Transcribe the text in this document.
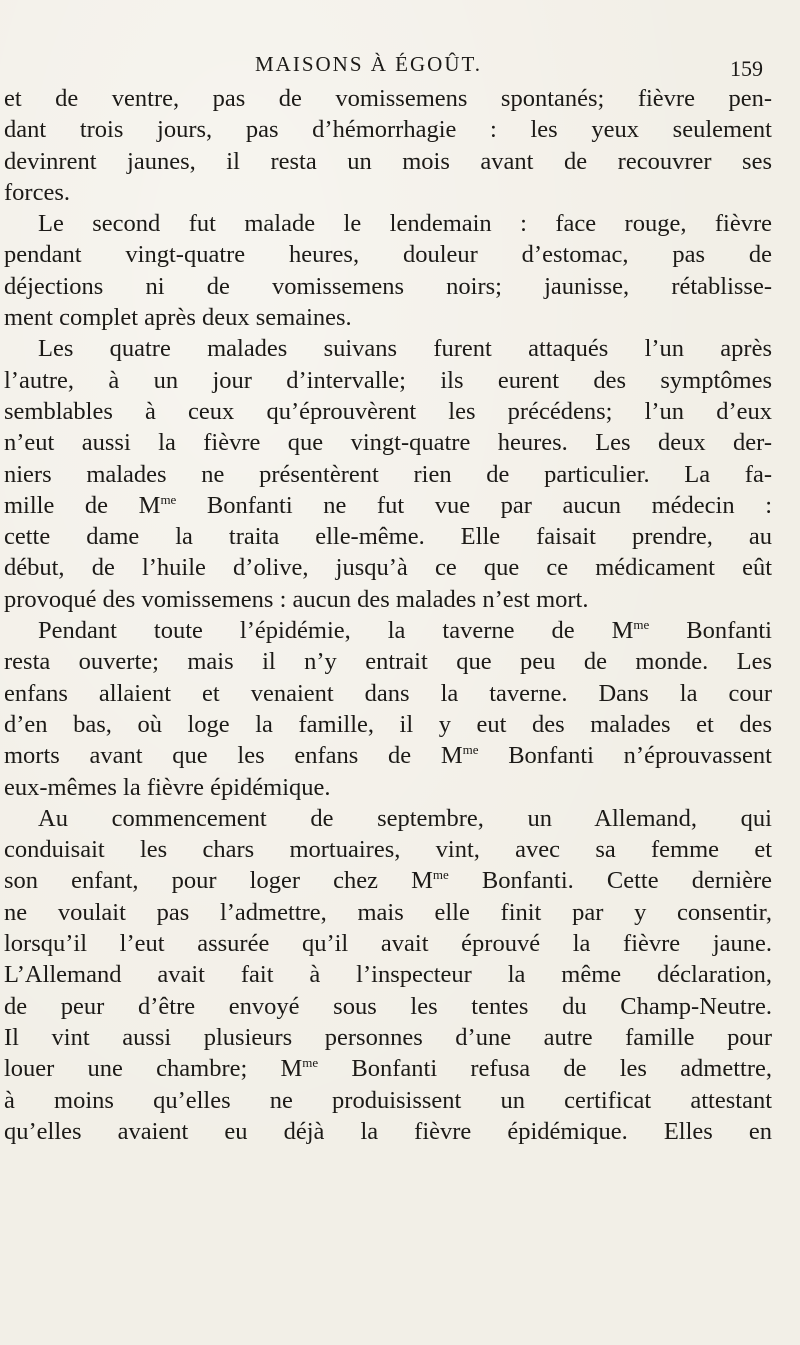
MAISONS À ÉGOÛT.	159
et de ventre, pas de vomissemens spontanés; fièvre pen-
dant trois jours, pas d’hémorrhagie : les yeux seulement
devinrent jaunes, il resta un mois avant de recouvrer ses
forces.
Le second fut malade le lendemain : face rouge, fièvre
pendant vingt-quatre heures, douleur d’estomac, pas de
déjections ni de vomissemens noirs; jaunisse, rétablisse-
ment complet après deux semaines.
Les quatre malades suivans furent attaqués l’un après
l’autre, à un jour d’intervalle; ils eurent des symptômes
semblables à ceux qu’éprouvèrent les précédens; l’un d’eux
n’eut aussi la fièvre que vingt-quatre heures. Les deux der-
niers malades ne présentèrent rien de particulier. La fa-
mille de $M^{me}$ Bonfanti ne fut vue par aucun médecin :
cette dame la traita elle-même. Elle faisait prendre, au
début, de l’huile d’olive, jusqu’à ce que ce médicament eût
provoqué des vomissemens : aucun des malades n’est mort.
Pendant toute l’épidémie, la taverne de $M^{me}$ Bonfanti
resta ouverte; mais il n’y entrait que peu de monde. Les
enfans allaient et venaient dans la taverne. Dans la cour
d’en bas, où loge la famille, il y eut des malades et des
morts avant que les enfans de $M^{me}$ Bonfanti n’éprouvassent
eux-mêmes la fièvre épidémique.
Au commencement de septembre, un Allemand, qui
conduisait les chars mortuaires, vint, avec sa femme et
son enfant, pour loger chez $M^{me}$ Bonfanti. Cette dernière
ne voulait pas l’admettre, mais elle finit par y consentir,
lorsqu’il l’eut assurée qu’il avait éprouvé la fièvre jaune.
L’Allemand avait fait à l’inspecteur la même déclaration,
de peur d’être envoyé sous les tentes du Champ-Neutre.
Il vint aussi plusieurs personnes d’une autre famille pour
louer une chambre; $M^{me}$ Bonfanti refusa de les admettre,
à moins qu’elles ne produisissent un certificat attestant
qu’elles avaient eu déjà la fièvre épidémique. Elles en
